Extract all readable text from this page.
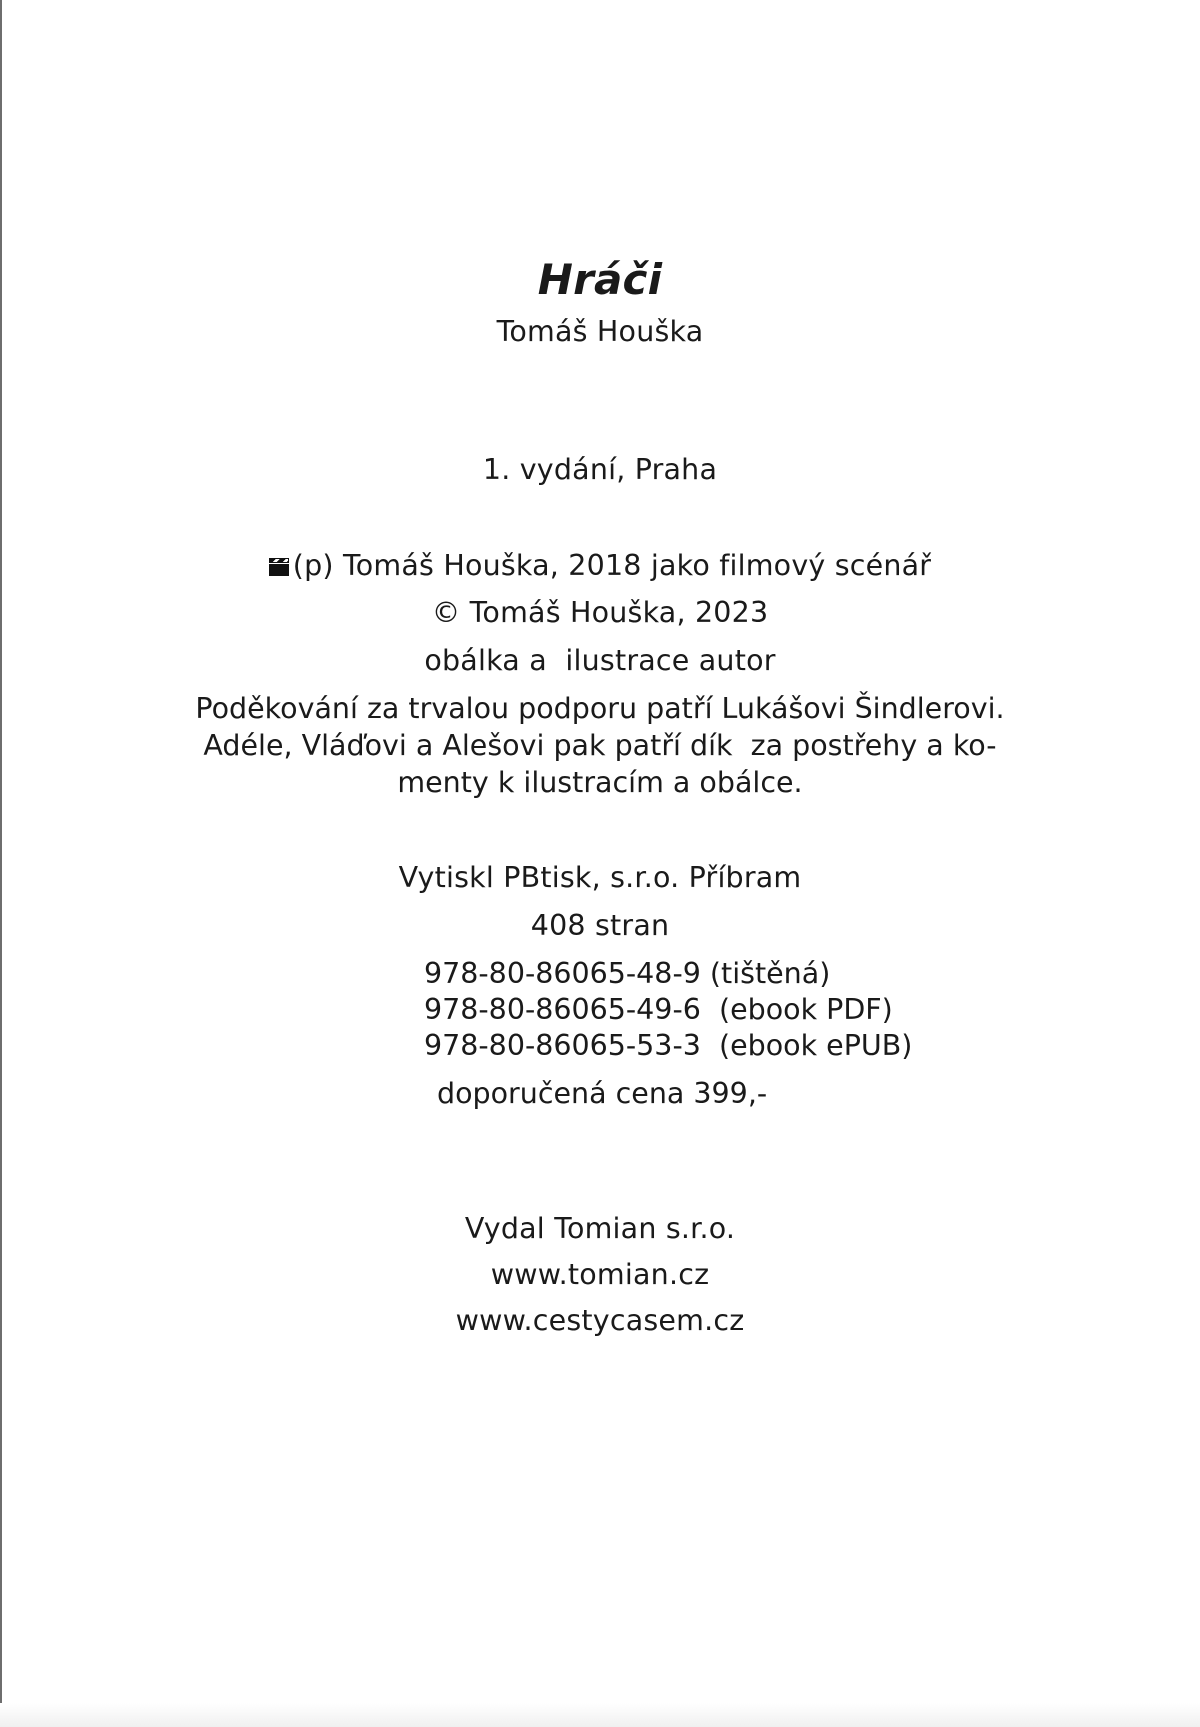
Hráči
Tomáš Houška
1. vydání, Praha
(p) Tomáš Houška, 2018 jako filmový scénář
© Tomáš Houška, 2023
obálka a  ilustrace autor
Poděkování za trvalou podporu patří Lukášovi Šindlerovi.
Adéle, Vláďovi a Alešovi pak patří dík  za postřehy a ko-
menty k ilustracím a obálce.
Vytiskl PBtisk, s.r.o. Příbram
408 stran
978-80-86065-48-9 (tištěná)
978-80-86065-49-6  (ebook PDF)
978-80-86065-53-3  (ebook ePUB)
doporučená cena 399,-
Vydal Tomian s.r.o.
www.tomian.cz
www.cestycasem.cz
